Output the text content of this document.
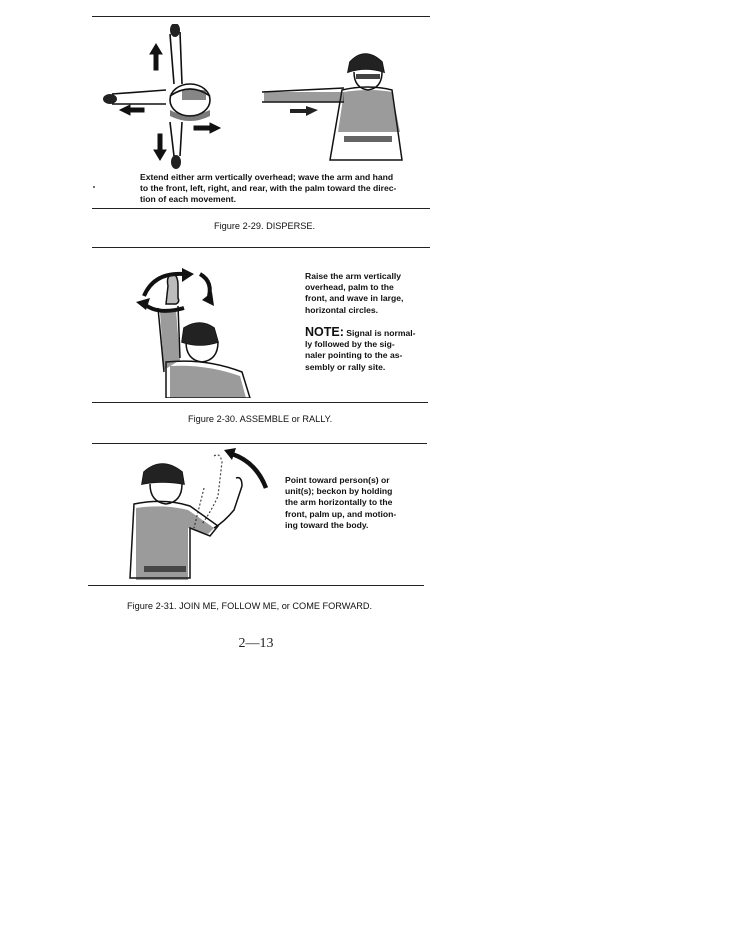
Extend either arm vertically overhead; wave the arm and hand
to the front, left, right, and rear, with the palm toward the direc-
tion of each movement.
Figure 2-29. DISPERSE.
Raise the arm vertically
overhead, palm to the
front, and wave in large,
horizontal circles.
NOTE: Signal is normal-
ly followed by the sig-
naler pointing to the as-
sembly or rally site.
Figure 2-30. ASSEMBLE or RALLY.
Point toward person(s) or
unit(s); beckon by holding
the arm horizontally to the
front, palm up, and motion-
ing toward the body.
Figure 2-31. JOIN ME, FOLLOW ME, or COME FORWARD.
2—13
